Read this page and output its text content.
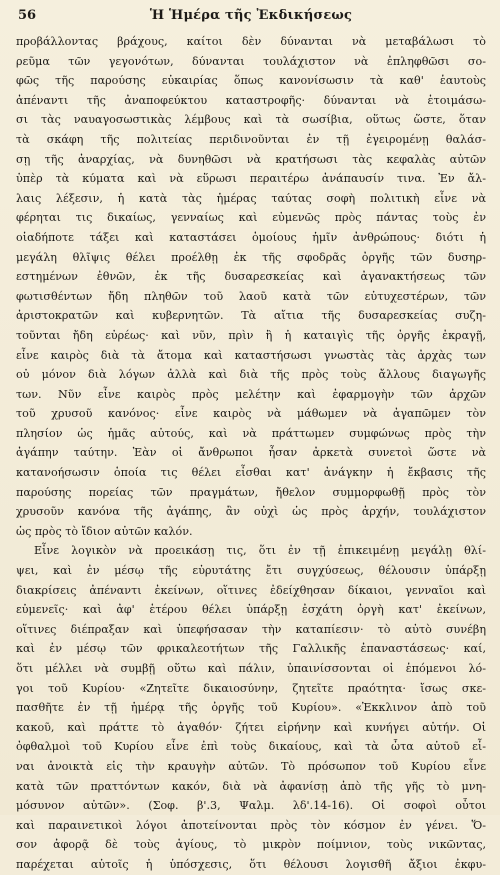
56	Ἡ Ἡμέρα τῆς Ἐκδικήσεως
προβάλλοντας βράχους, καίτοι δὲν δύνανται νὰ μεταβάλωσι τὸ
ρεῦμα τῶν γεγονότων, δύνανται τουλάχιστον νὰ ἐπληφθῶσι σο-
φῶς τῆς παρούσης εὐκαιρίας ὅπως κανονίσωσιν τὰ καθ' ἑαυτοὺς
ἀπέναντι τῆς ἀναποφεύκτου καταστροφῆς· δύνανται νὰ ἑτοιμάσω-
σι τὰς ναυαγοσωστικὰς λέμβους καὶ τὰ σωσίβια, οὕτως ὥστε, ὅταν
τὰ σκάφη τῆς πολιτείας περιδινοῦνται ἐν τῇ ἐγειρομένῃ θαλάσ-
σῃ τῆς ἀναρχίας, νὰ δυνηθῶσι νὰ κρατήσωσι τὰς κεφαλὰς αὐτῶν
ὑπὲρ τὰ κύματα καὶ νὰ εὕρωσι περαιτέρω ἀνάπαυσίν τινα. Ἐν ἄλ-
λαις λέξεσιν, ἡ κατὰ τὰς ἡμέρας ταύτας σοφὴ πολιτικὴ εἶνε νὰ
φέρηται τις δικαίως, γενναίως καὶ εὐμενῶς πρὸς πάντας τοὺς ἐν
οἱαδήποτε τάξει καὶ καταστάσει ὁμοίους ἡμῖν ἀνθρώπους· διότι ἡ
μεγάλη θλῖψις θέλει προέλθῃ ἐκ τῆς σφοδρᾶς ὀργῆς τῶν δυσηρ-
εστημένων ἐθνῶν, ἐκ τῆς δυσαρεσκείας καὶ ἀγανακτήσεως τῶν
φωτισθέντων ἤδη πληθῶν τοῦ λαοῦ κατὰ τῶν εὐτυχεστέρων, τῶν
ἀριστοκρατῶν καὶ κυβερνητῶν. Τὰ αἴτια τῆς δυσαρεσκείας συζη-
τοῦνται ἤδη εὐρέως· καὶ νῦν, πρὶν ἢ ἡ καταιγὶς τῆς ὀργῆς ἐκραγῇ,
εἶνε καιρὸς διὰ τὰ ἄτομα καὶ καταστήσωσι γνωστὰς τὰς ἀρχὰς των
οὐ μόνον διὰ λόγων ἀλλὰ καὶ διὰ τῆς πρὸς τοὺς ἄλλους διαγωγῆς
των. Νῦν εἶνε καιρὸς πρὸς μελέτην καὶ ἐφαρμογὴν τῶν ἀρχῶν
τοῦ χρυσοῦ κανόνος· εἶνε καιρὸς νὰ μάθωμεν νὰ ἀγαπῶμεν τὸν
πλησίον ὡς ἡμᾶς αὐτούς, καὶ νὰ πράττωμεν συμφώνως πρὸς τὴν
ἀγάπην ταύτην. Ἐὰν οἱ ἄνθρωποι ἦσαν ἀρκετὰ συνετοὶ ὥστε νὰ
κατανοήσωσιν ὁποία τις θέλει εἶσθαι κατ' ἀνάγκην ἡ ἔκβασις τῆς
παρούσης πορείας τῶν πραγμάτων, ἤθελον συμμορφωθῇ πρὸς τὸν
χρυσοῦν κανόνα τῆς ἀγάπης, ἂν οὐχὶ ὡς πρὸς ἀρχήν, τουλάχιστον
ὡς πρὸς τὸ ἴδιον αὐτῶν καλόν.
Εἶνε λογικὸν νὰ προεικάσῃ τις, ὅτι ἐν τῇ ἐπικειμένῃ μεγάλῃ θλί-
ψει, καὶ ἐν μέσῳ τῆς εὐρυτάτης ἔτι συγχύσεως, θέλουσιν ὑπάρξῃ
διακρίσεις ἀπέναντι ἐκείνων, οἵτινες ἐδείχθησαν δίκαιοι, γενναῖοι καὶ
εὐμενεῖς· καὶ ἀφ' ἑτέρου θέλει ὑπάρξῃ ἐσχάτη ὀργὴ κατ' ἐκείνων,
οἵτινες διέπραξαν καὶ ὑπεφήσασαν τὴν καταπίεσιν· τὸ αὐτὸ συνέβη
καὶ ἐν μέσῳ τῶν φρικαλεοτήτων τῆς Γαλλικῆς ἐπαναστάσεως· καί,
ὅτι μέλλει νὰ συμβῇ οὕτω καὶ πάλιν, ὑπαινίσσονται οἱ ἑπόμενοι λό-
γοι τοῦ Κυρίου· «Ζητεῖτε δικαιοσύνην, ζητεῖτε πραότητα· ἴσως σκε-
πασθῆτε ἐν τῇ ἡμέρᾳ τῆς ὀργῆς τοῦ Κυρίου». «Ἐκκλινον ἀπὸ τοῦ
κακοῦ, καὶ πράττε τὸ ἀγαθόν· ζήτει εἰρήνην καὶ κυνήγει αὐτήν. Οἱ
ὀφθαλμοὶ τοῦ Κυρίου εἶνε ἐπὶ τοὺς δικαίους, καὶ τὰ ὦτα αὐτοῦ εἶ-
ναι ἀνοικτὰ εἰς τὴν κραυγὴν αὐτῶν. Τὸ πρόσωπον τοῦ Κυρίου εἶνε
κατὰ τῶν πραττόντων κακόν, διὰ νὰ ἀφανίσῃ ἀπὸ τῆς γῆς τὸ μνη-
μόσυνον αὐτῶν». (Σοφ. β'.3, Ψαλμ. λδ'.14-16). Οἱ σοφοὶ οὗτοι
καὶ παραινετικοὶ λόγοι ἀποτείνονται πρὸς τὸν κόσμον ἐν γένει. Ὅ-
σον ἀφορᾷ δὲ τοὺς ἁγίους, τὸ μικρὸν ποίμνιον, τοὺς νικῶντας,
παρέχεται αὐτοῖς ἡ ὑπόσχεσις, ὅτι θέλουσι λογισθῆ ἄξιοι ἐκφυ-
